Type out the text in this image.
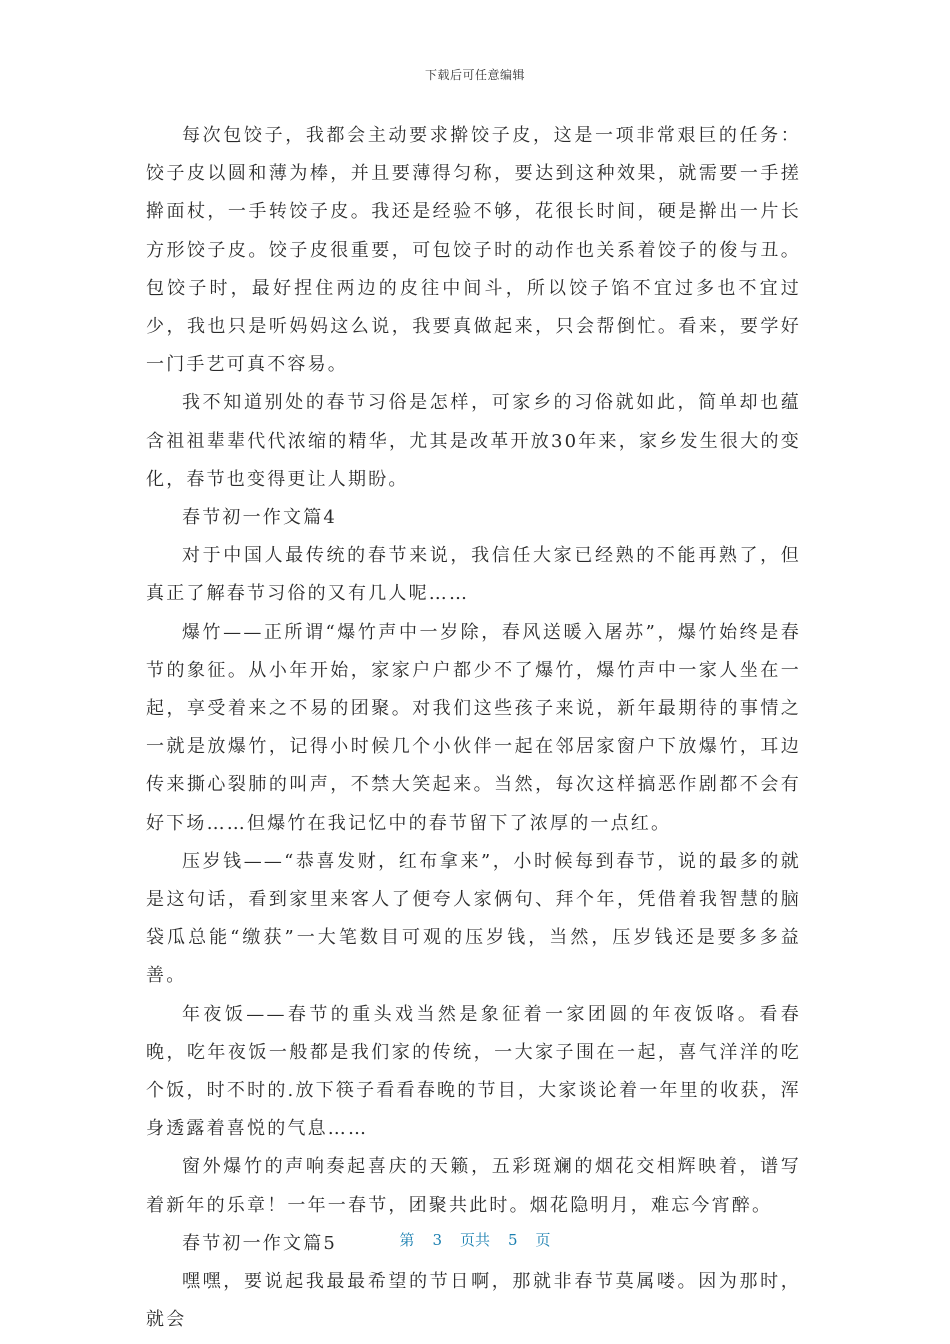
下载后可任意编辑

每次包饺子，我都会主动要求擀饺子皮，这是一项非常艰巨的任务：饺子皮以圆和薄为棒，并且要薄得匀称，要达到这种效果，就需要一手搓擀面杖，一手转饺子皮。我还是经验不够，花很长时间，硬是擀出一片长方形饺子皮。饺子皮很重要，可包饺子时的动作也关系着饺子的俊与丑。包饺子时，最好捏住两边的皮往中间斗，所以饺子馅不宜过多也不宜过少，我也只是听妈妈这么说，我要真做起来，只会帮倒忙。看来，要学好一门手艺可真不容易。

我不知道别处的春节习俗是怎样，可家乡的习俗就如此，简单却也蕴含祖祖辈辈代代浓缩的精华，尤其是改革开放30年来，家乡发生很大的变化，春节也变得更让人期盼。

春节初一作文篇4

对于中国人最传统的春节来说，我信任大家已经熟的不能再熟了，但真正了解春节习俗的又有几人呢……

爆竹——正所谓“爆竹声中一岁除，春风送暖入屠苏”，爆竹始终是春节的象征。从小年开始，家家户户都少不了爆竹，爆竹声中一家人坐在一起，享受着来之不易的团聚。对我们这些孩子来说，新年最期待的事情之一就是放爆竹，记得小时候几个小伙伴一起在邻居家窗户下放爆竹，耳边传来撕心裂肺的叫声，不禁大笑起来。当然，每次这样搞恶作剧都不会有好下场……但爆竹在我记忆中的春节留下了浓厚的一点红。

压岁钱——“恭喜发财，红布拿来”，小时候每到春节，说的最多的就是这句话，看到家里来客人了便夸人家俩句、拜个年，凭借着我智慧的脑袋瓜总能“缴获”一大笔数目可观的压岁钱，当然，压岁钱还是要多多益善。

年夜饭——春节的重头戏当然是象征着一家团圆的年夜饭咯。看春晚，吃年夜饭一般都是我们家的传统，一大家子围在一起，喜气洋洋的吃个饭，时不时的.放下筷子看看春晚的节目，大家谈论着一年里的收获，浑身透露着喜悦的气息……

窗外爆竹的声响奏起喜庆的天籁，五彩斑斓的烟花交相辉映着，谱写着新年的乐章！一年一春节，团聚共此时。烟花隐明月，难忘今宵醉。

春节初一作文篇5

嘿嘿，要说起我最最希望的节日啊，那就非春节莫属喽。因为那时，就会

第 3 页共 5 页
